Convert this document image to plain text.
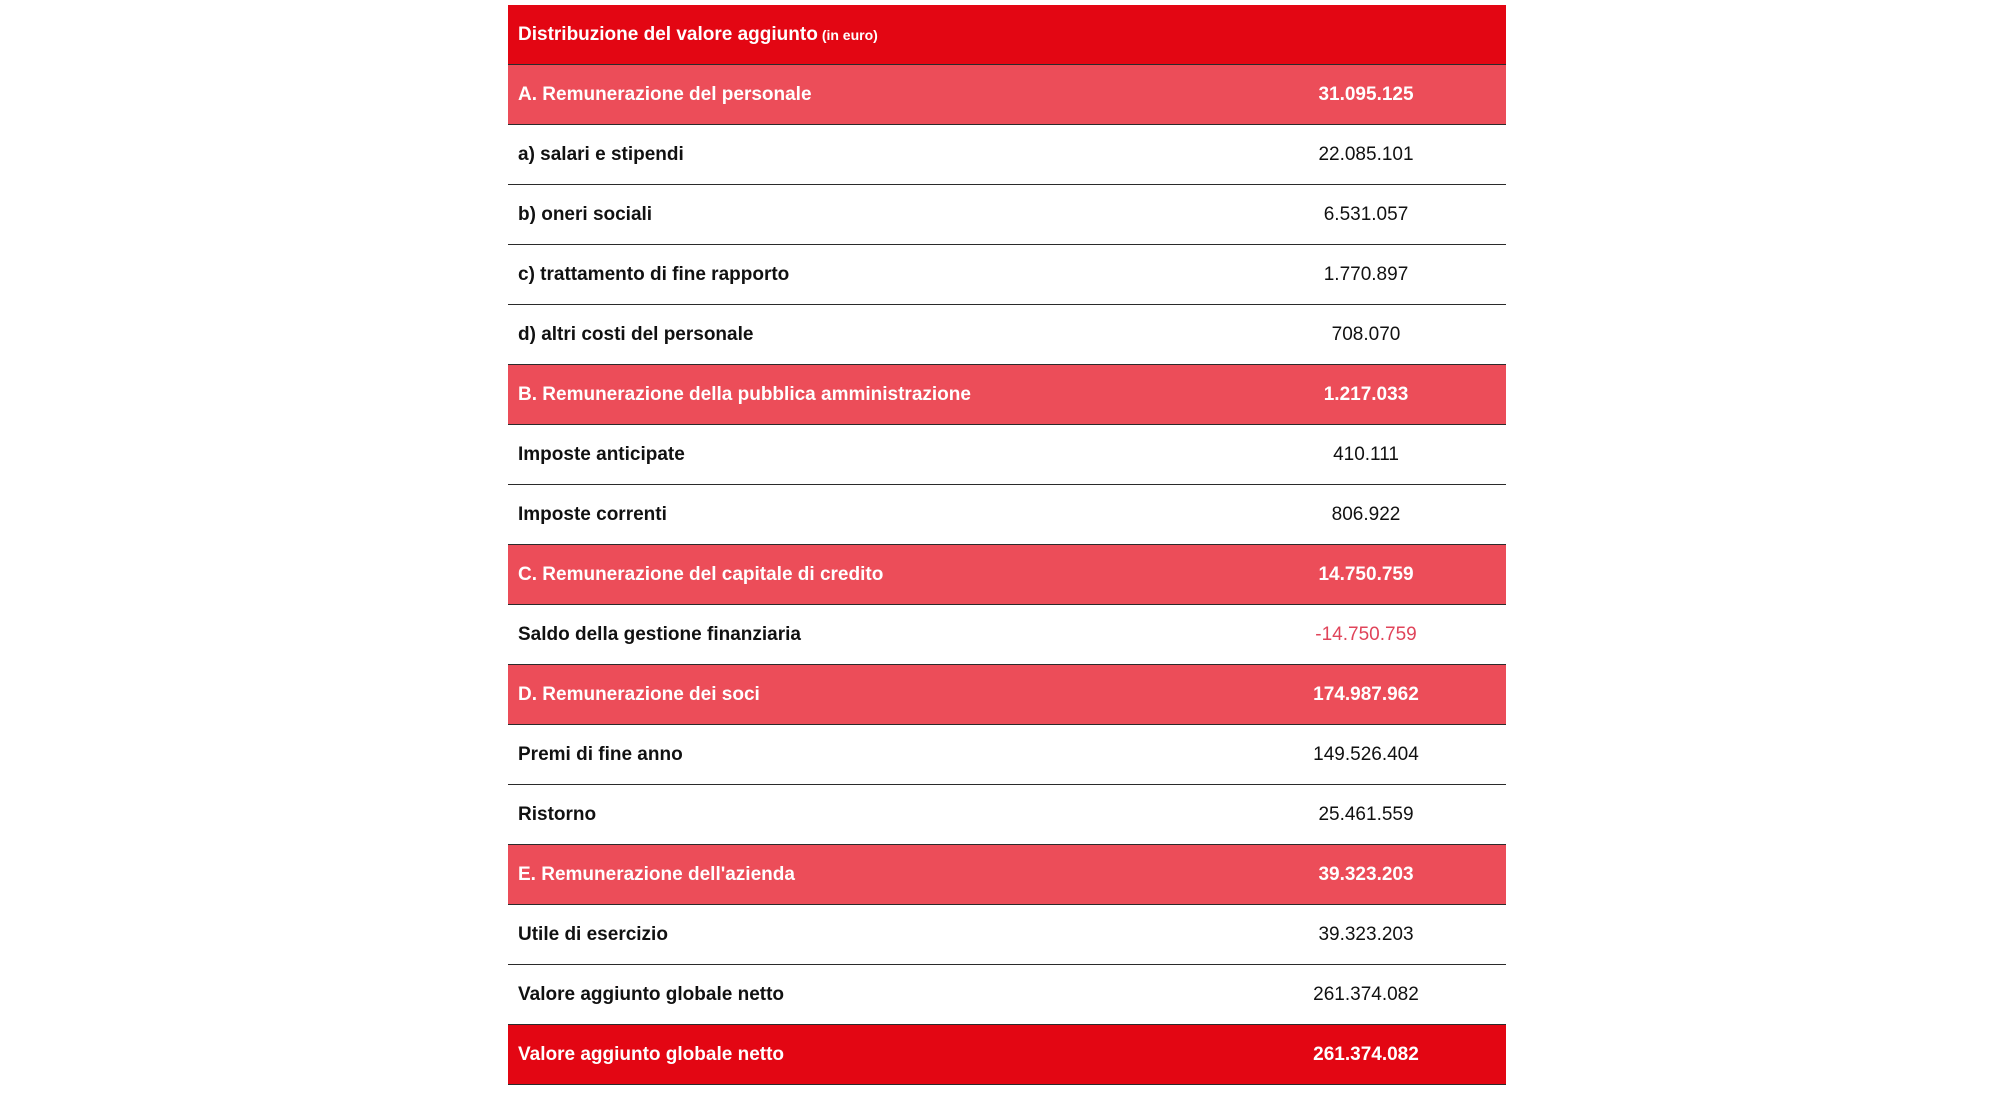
Distribuzione del valore aggiunto (in euro)
A. Remunerazione del personale	31.095.125
a) salari e stipendi	22.085.101
b) oneri sociali	6.531.057
c) trattamento di fine rapporto	1.770.897
d) altri costi del personale	708.070
B. Remunerazione della pubblica amministrazione	1.217.033
Imposte anticipate	410.111
Imposte correnti	806.922
C. Remunerazione del capitale di credito	14.750.759
Saldo della gestione finanziaria	-14.750.759
D. Remunerazione dei soci	174.987.962
Premi di fine anno	149.526.404
Ristorno	25.461.559
E. Remunerazione dell'azienda	39.323.203
Utile di esercizio	39.323.203
Valore aggiunto globale netto	261.374.082
Valore aggiunto globale netto	261.374.082
